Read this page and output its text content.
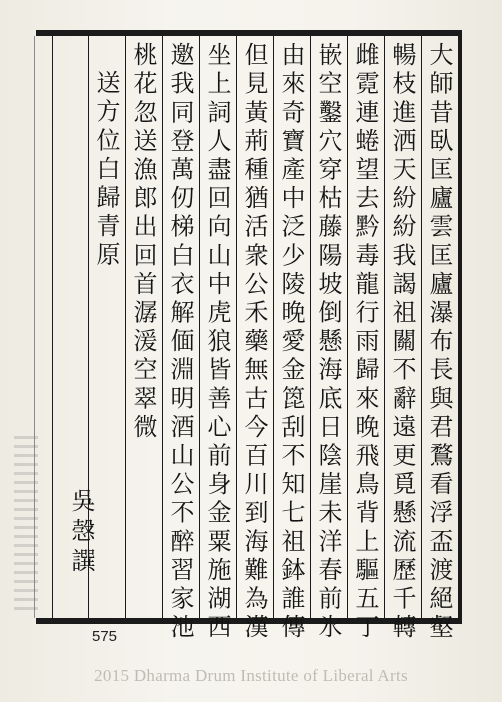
大師昔臥匡廬雲匡廬瀑布長與君鶩看浮盃渡絕壑
暢枝進洒天紛紛我謁祖關不辭遠更覓懸流歷千轉
雌霓連蜷望去黔毒龍行雨歸來晚飛鳥背上驅五丁
嵌空鑿穴穿枯藤陽坡倒懸海底日陰崖未洋春前氷
由來奇寶產中泛少陵晚愛金箆刮不知七祖鉢誰傳
但見黃荊種猶活衆公禾藥無古今百川到海難為漢
坐上詞人盡回向山中虎狼皆善心前身金粟施湖西
邀我同登萬仞梯白衣解偭淵明酒山公不醉習家池
桃花忽送漁郎出回首潺湲空翠微
送方位白歸青原
吳愨譔
575
2015 Dharma Drum Institute of Liberal Arts
